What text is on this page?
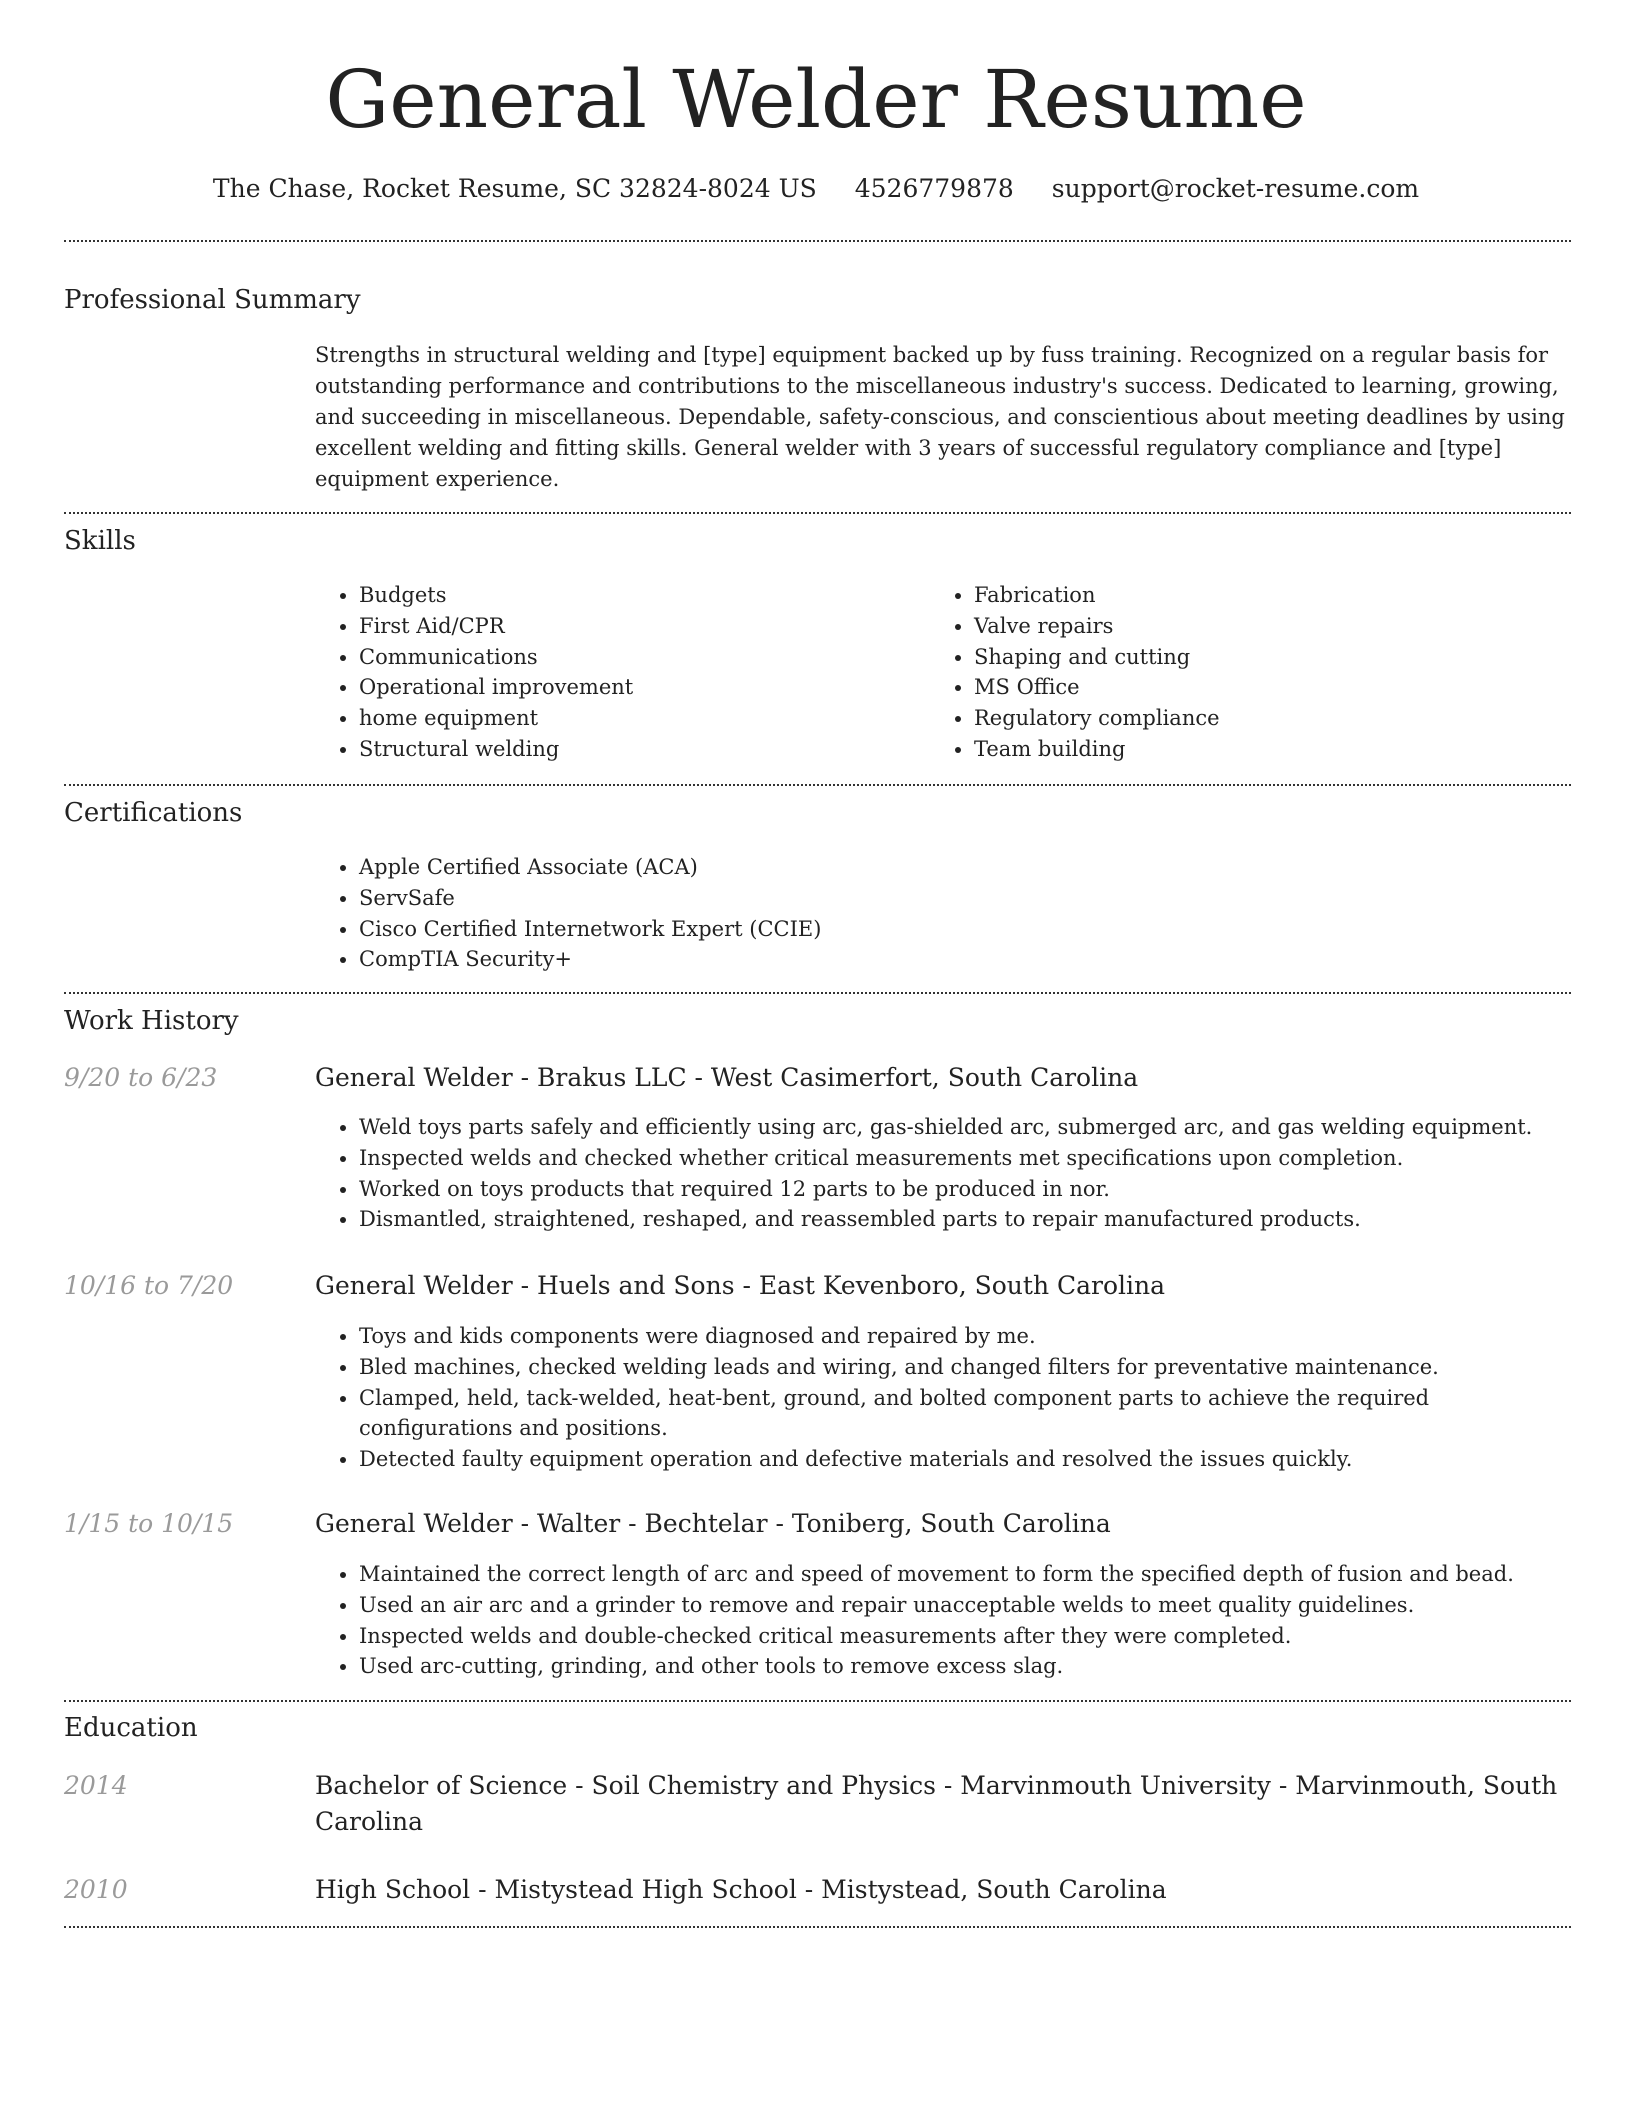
General Welder Resume
The Chase, Rocket Resume, SC 32824-8024 US 4526779878 support@rocket-resume.com
Professional Summary

Strengths in structural welding and [type] equipment backed up by fuss training. Recognized on a regular basis for outstanding performance and contributions to the miscellaneous industry's success. Dedicated to learning, growing, and succeeding in miscellaneous. Dependable, safety-conscious, and conscientious about meeting deadlines by using excellent welding and fitting skills. General welder with 3 years of successful regulatory compliance and [type] equipment experience.

Skills
• Budgets
• First Aid/CPR
• Communications
• Operational improvement
• home equipment
• Structural welding
• Fabrication
• Valve repairs
• Shaping and cutting
• MS Office
• Regulatory compliance
• Team building
Certifications
• Apple Certified Associate (ACA)
• ServSafe
• Cisco Certified Internetwork Expert (CCIE)
• CompTIA Security+
Work History
9/20 to 6/23	General Welder - Brakus LLC - West Casimerfort, South Carolina
• Weld toys parts safely and efficiently using arc, gas-shielded arc, submerged arc, and gas welding equipment.
• Inspected welds and checked whether critical measurements met specifications upon completion.
• Worked on toys products that required 12 parts to be produced in nor.
• Dismantled, straightened, reshaped, and reassembled parts to repair manufactured products.
10/16 to 7/20	General Welder - Huels and Sons - East Kevenboro, South Carolina
• Toys and kids components were diagnosed and repaired by me.
• Bled machines, checked welding leads and wiring, and changed filters for preventative maintenance.
• Clamped, held, tack-welded, heat-bent, ground, and bolted component parts to achieve the required configurations and positions.
• Detected faulty equipment operation and defective materials and resolved the issues quickly.
1/15 to 10/15	General Welder - Walter - Bechtelar - Toniberg, South Carolina
• Maintained the correct length of arc and speed of movement to form the specified depth of fusion and bead.
• Used an air arc and a grinder to remove and repair unacceptable welds to meet quality guidelines.
• Inspected welds and double-checked critical measurements after they were completed.
• Used arc-cutting, grinding, and other tools to remove excess slag.
Education
2014	Bachelor of Science - Soil Chemistry and Physics - Marvinmouth University - Marvinmouth, South Carolina
2010	High School - Mistystead High School - Mistystead, South Carolina
